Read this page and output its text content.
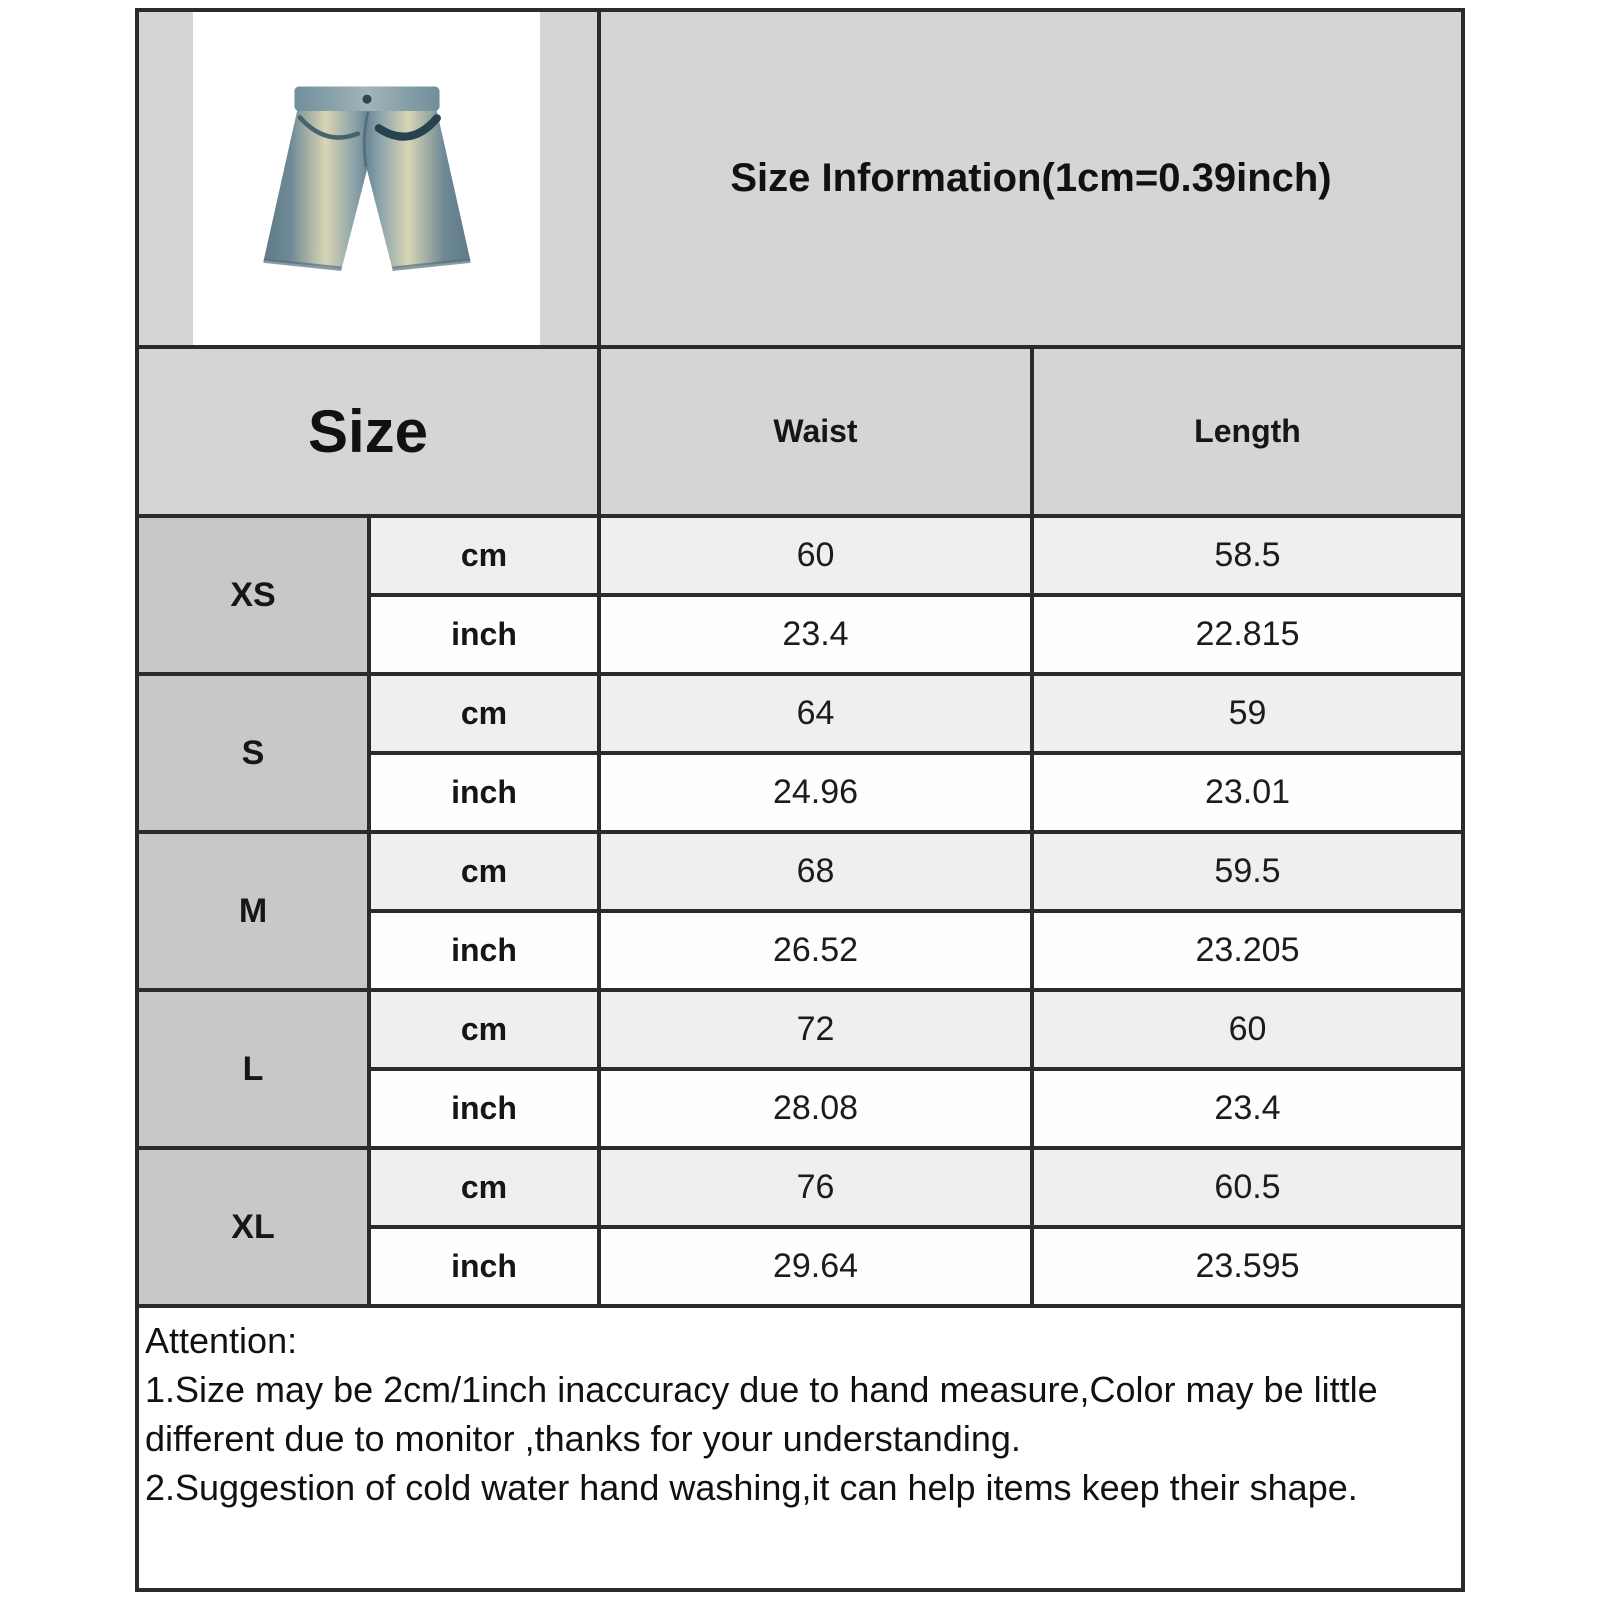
	Size Information(1cm=0.39inch)	
Size		Waist	Length
XS	cm	60	58.5
	inch	23.4	22.815
S	cm	64	59
	inch	24.96	23.01
M	cm	68	59.5
	inch	26.52	23.205
L	cm	72	60
	inch	28.08	23.4
XL	cm	76	60.5
	inch	29.64	23.595

Attention:
1.Size may be 2cm/1inch inaccuracy due to hand measure,Color may be little
different due to monitor ,thanks for your understanding.
2.Suggestion of cold water hand washing,it can help items keep their shape.			
